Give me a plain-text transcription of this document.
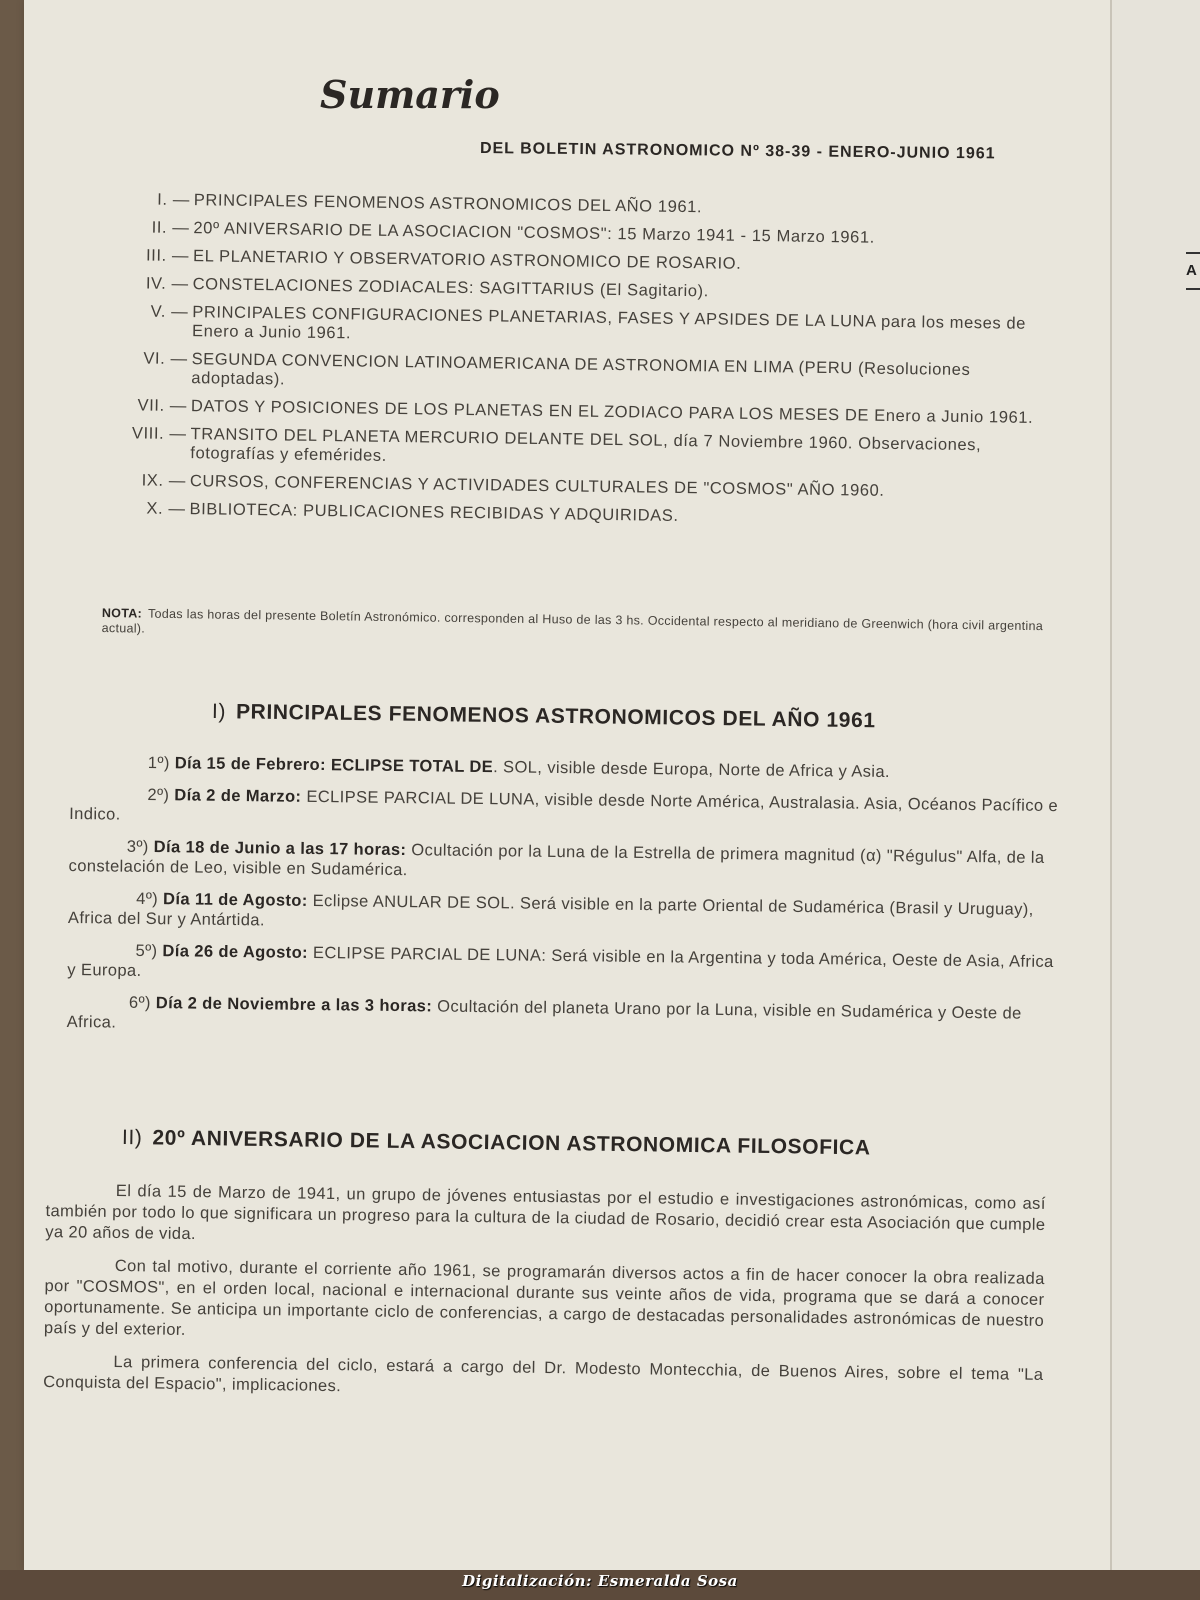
A
Sumario
DEL BOLETIN ASTRONOMICO Nº 38-39 - ENERO-JUNIO 1961
I. — PRINCIPALES FENOMENOS ASTRONOMICOS DEL AÑO 1961.
II. — 20º ANIVERSARIO DE LA ASOCIACION "COSMOS": 15 Marzo 1941 - 15 Marzo 1961.
III. — EL PLANETARIO Y OBSERVATORIO ASTRONOMICO DE ROSARIO.
IV. — CONSTELACIONES ZODIACALES: SAGITTARIUS (El Sagitario).
V. — PRINCIPALES CONFIGURACIONES PLANETARIAS, FASES Y APSIDES DE LA LUNA para los meses de Enero a Junio 1961.
VI. — SEGUNDA CONVENCION LATINOAMERICANA DE ASTRONOMIA EN LIMA (PERU (Resoluciones adoptadas).
VII. — DATOS Y POSICIONES DE LOS PLANETAS EN EL ZODIACO PARA LOS MESES DE Enero a Junio 1961.
VIII. — TRANSITO DEL PLANETA MERCURIO DELANTE DEL SOL, día 7 Noviembre 1960. Observaciones, fotografías y efemérides.
IX. — CURSOS, CONFERENCIAS Y ACTIVIDADES CULTURALES DE "COSMOS" AÑO 1960.
X. — BIBLIOTECA: PUBLICACIONES RECIBIDAS Y ADQUIRIDAS.
NOTA: Todas las horas del presente Boletín Astronómico. corresponden al Huso de las 3 hs. Occidental respecto al meridiano de Greenwich (hora civil argentina actual).
I) PRINCIPALES FENOMENOS ASTRONOMICOS DEL AÑO 1961
1º) Día 15 de Febrero: ECLIPSE TOTAL DE. SOL, visible desde Europa, Norte de Africa y Asia.
2º) Día 2 de Marzo: ECLIPSE PARCIAL DE LUNA, visible desde Norte América, Australasia. Asia, Océanos Pacífico e Indico.
3º) Día 18 de Junio a las 17 horas: Ocultación por la Luna de la Estrella de primera magnitud (α) "Régulus" Alfa, de la constelación de Leo, visible en Sudamérica.
4º) Día 11 de Agosto: Eclipse ANULAR DE SOL. Será visible en la parte Oriental de Sudamérica (Brasil y Uruguay), Africa del Sur y Antártida.
5º) Día 26 de Agosto: ECLIPSE PARCIAL DE LUNA: Será visible en la Argentina y toda América, Oeste de Asia, Africa y Europa.
6º) Día 2 de Noviembre a las 3 horas: Ocultación del planeta Urano por la Luna, visible en Sudamérica y Oeste de Africa.
II) 20º ANIVERSARIO DE LA ASOCIACION ASTRONOMICA FILOSOFICA

El día 15 de Marzo de 1941, un grupo de jóvenes entusiastas por el estudio e investigaciones astronómicas, como así también por todo lo que significara un progreso para la cultura de la ciudad de Rosario, decidió crear esta Asociación que cumple ya 20 años de vida.

Con tal motivo, durante el corriente año 1961, se programarán diversos actos a fin de hacer conocer la obra realizada por "COSMOS", en el orden local, nacional e internacional durante sus veinte años de vida, programa que se dará a conocer oportunamente. Se anticipa un importante ciclo de conferencias, a cargo de destacadas personalidades astronómicas de nuestro país y del exterior.

La primera conferencia del ciclo, estará a cargo del Dr. Modesto Montecchia, de Buenos Aires, sobre el tema "La Conquista del Espacio", implicaciones.

Digitalización: Esmeralda Sosa
